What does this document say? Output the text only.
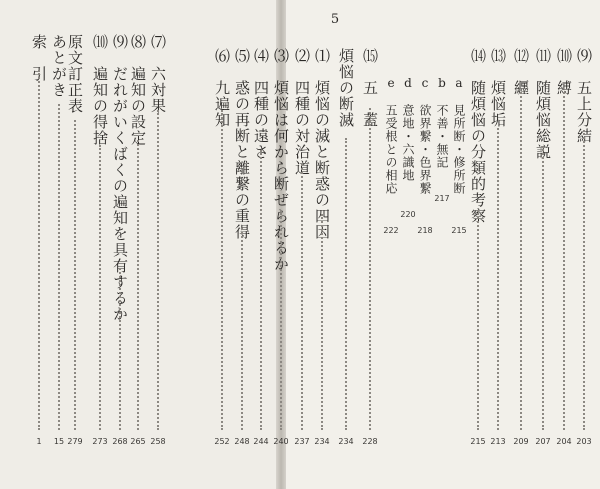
索　引
1
あとがき
15
原文訂正表
279
⑽　遍知の得捨
273
⑼　だれがいくばくの遍知を具有するか
268
⑻　遍知の設定
265
⑺　六対果
258
⑹　九遍知
252
⑸　惑の再断と離繋の重得
248
⑷　四種の遠さ
244
⑶　煩悩は何から断ぜられるか
240
⑵　四種の対治道
237
⑴　煩悩の滅と断惑の四因
234
煩悩の断滅
234
⒂　五　蓋
228
e　五受根との相応
222
d　意地・六識地
220
c　欲界繋・色界繋
218
b　不善・無記
217
a　見所断・修所断
215
⒁　随煩悩の分類的考察
215
⒀　煩悩垢
213
⑿　纒
209
⑾　随煩悩総説
207
⑽　縛
204
⑼　五上分結
203
5
